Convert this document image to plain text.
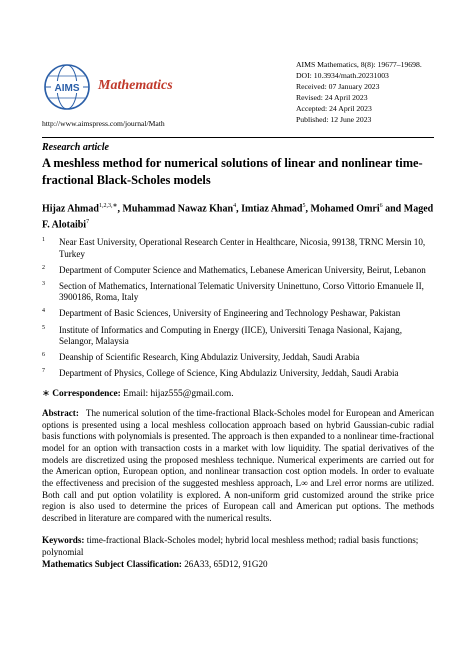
AIMS Mathematics
http://www.aimspress.com/journal/Math
AIMS Mathematics, 8(8): 19677–19698.
DOI: 10.3934/math.20231003
Received: 07 January 2023
Revised: 24 April 2023
Accepted: 24 April 2023
Published: 12 June 2023
Research article
A meshless method for numerical solutions of linear and nonlinear time-fractional Black-Scholes models
Hijaz Ahmad$^{1,2,3,∗}$, Muhammad Nawaz Khan$^4$, Imtiaz Ahmad$^5$, Mohamed Omri$^6$ and Maged F. Alotaibi$^7$
1 Near East University, Operational Research Center in Healthcare, Nicosia, 99138, TRNC Mersin 10, Turkey
2 Department of Computer Science and Mathematics, Lebanese American University, Beirut, Lebanon
3 Section of Mathematics, International Telematic University Uninettuno, Corso Vittorio Emanuele II, 3900186, Roma, Italy
4 Department of Basic Sciences, University of Engineering and Technology Peshawar, Pakistan
5 Institute of Informatics and Computing in Energy (IICE), Universiti Tenaga Nasional, Kajang, Selangor, Malaysia
6 Deanship of Scientific Research, King Abdulaziz University, Jeddah, Saudi Arabia
7 Department of Physics, College of Science, King Abdulaziz University, Jeddah, Saudi Arabia
∗ Correspondence: Email: hijaz555@gmail.com.
Abstract: The numerical solution of the time-fractional Black-Scholes model for European and American options is presented using a local meshless collocation approach based on hybrid Gaussian-cubic radial basis functions with polynomials is presented. The approach is then expanded to a nonlinear time-fractional model for an option with transaction costs in a market with low liquidity. The spatial derivatives of the models are discretized using the proposed meshless technique. Numerical experiments are carried out for the American option, European option, and nonlinear transaction cost option models. In order to evaluate the effectiveness and precision of the suggested meshless approach, L∞ and Lrel error norms are utilized. Both call and put option volatility is explored. A non-uniform grid customized around the strike price region is also used to determine the prices of European call and American put options. The methods described in literature are compared with the numerical results.
Keywords: time-fractional Black-Scholes model; hybrid local meshless method; radial basis functions; polynomial
Mathematics Subject Classification: 26A33, 65D12, 91G20
